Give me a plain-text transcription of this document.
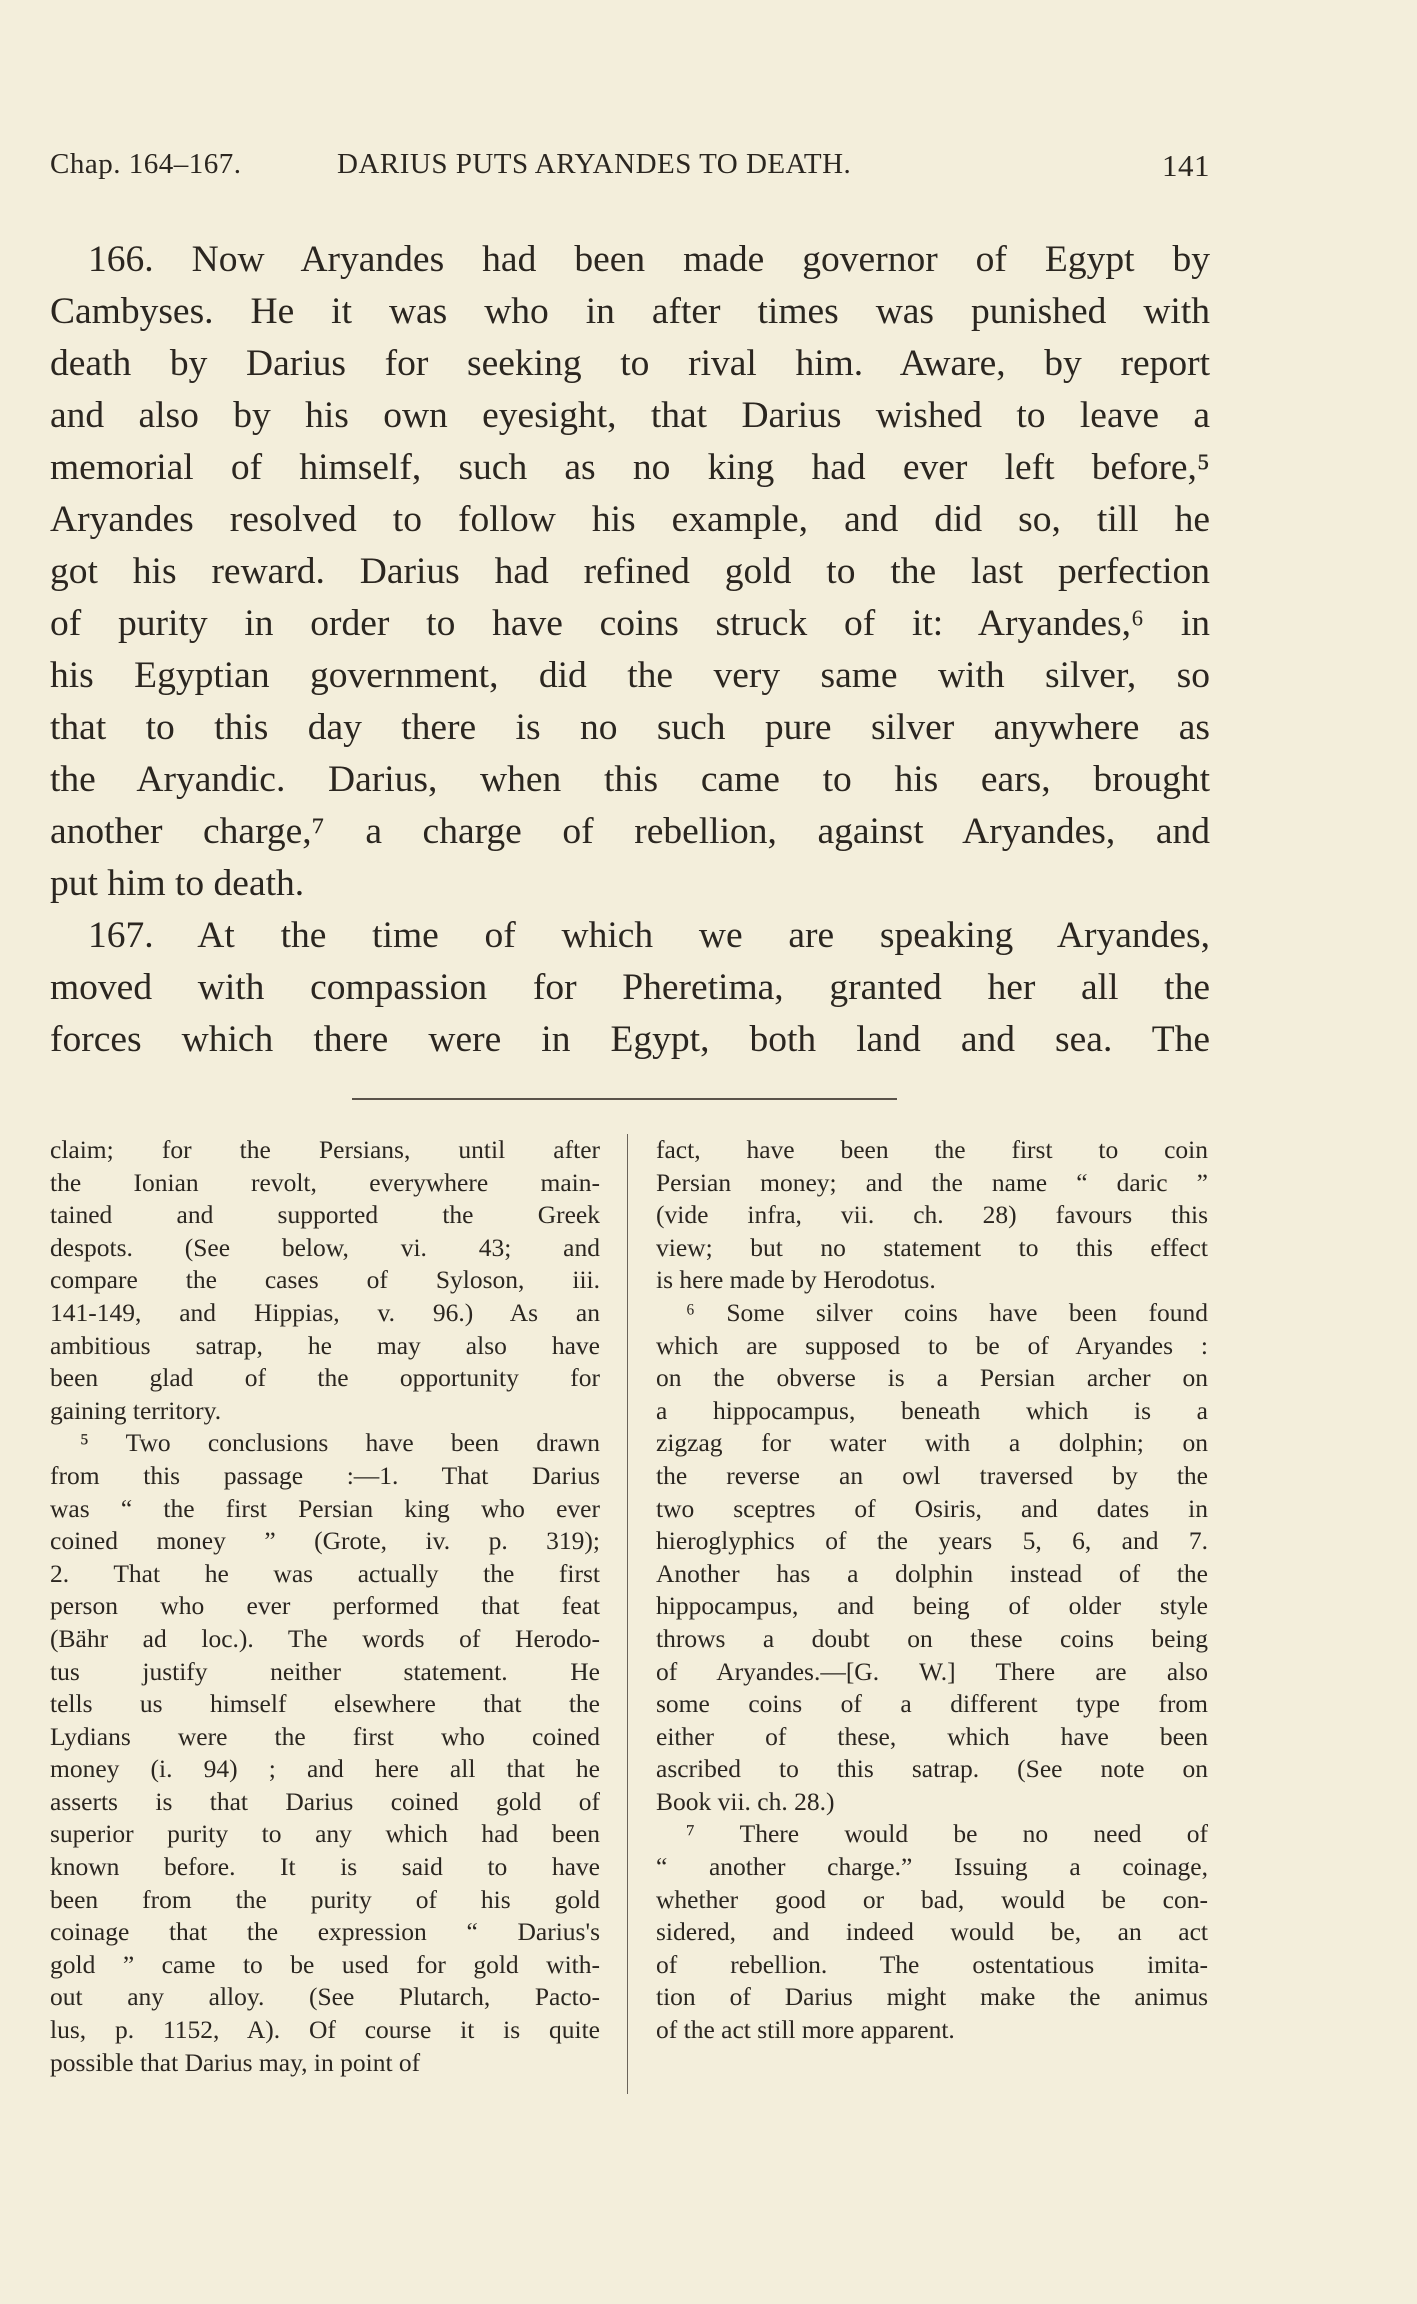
Chap. 164–167.	DARIUS PUTS ARYANDES TO DEATH.	141
166. Now Aryandes had been made governor of Egypt by
Cambyses. He it was who in after times was punished with
death by Darius for seeking to rival him. Aware, by report
and also by his own eyesight, that Darius wished to leave a
memorial of himself, such as no king had ever left before,⁵
Aryandes resolved to follow his example, and did so, till he
got his reward. Darius had refined gold to the last perfection
of purity in order to have coins struck of it: Aryandes,⁶ in
his Egyptian government, did the very same with silver, so
that to this day there is no such pure silver anywhere as
the Aryandic. Darius, when this came to his ears, brought
another charge,⁷ a charge of rebellion, against Aryandes, and
put him to death.
167. At the time of which we are speaking Aryandes,
moved with compassion for Pheretima, granted her all the
forces which there were in Egypt, both land and sea. The
claim; for the Persians, until after
the Ionian revolt, everywhere main-
tained and supported the Greek
despots. (See below, vi. 43; and
compare the cases of Syloson, iii.
141-149, and Hippias, v. 96.) As an
ambitious satrap, he may also have
been glad of the opportunity for
gaining territory.
⁵ Two conclusions have been drawn
from this passage :—1. That Darius
was “ the first Persian king who ever
coined money ” (Grote, iv. p. 319);
2. That he was actually the first
person who ever performed that feat
(Bähr ad loc.). The words of Herodo-
tus justify neither statement. He
tells us himself elsewhere that the
Lydians were the first who coined
money (i. 94) ; and here all that he
asserts is that Darius coined gold of
superior purity to any which had been
known before. It is said to have
been from the purity of his gold
coinage that the expression “ Darius's
gold ” came to be used for gold with-
out any alloy. (See Plutarch, Pacto-
lus, p. 1152, A). Of course it is quite
possible that Darius may, in point of
fact, have been the first to coin
Persian money; and the name “ daric ”
(vide infra, vii. ch. 28) favours this
view; but no statement to this effect
is here made by Herodotus.
⁶ Some silver coins have been found
which are supposed to be of Aryandes :
on the obverse is a Persian archer on
a hippocampus, beneath which is a
zigzag for water with a dolphin; on
the reverse an owl traversed by the
two sceptres of Osiris, and dates in
hieroglyphics of the years 5, 6, and 7.
Another has a dolphin instead of the
hippocampus, and being of older style
throws a doubt on these coins being
of Aryandes.—[G. W.] There are also
some coins of a different type from
either of these, which have been
ascribed to this satrap. (See note on
Book vii. ch. 28.)
⁷ There would be no need of
“ another charge.” Issuing a coinage,
whether good or bad, would be con-
sidered, and indeed would be, an act
of rebellion. The ostentatious imita-
tion of Darius might make the animus
of the act still more apparent.
